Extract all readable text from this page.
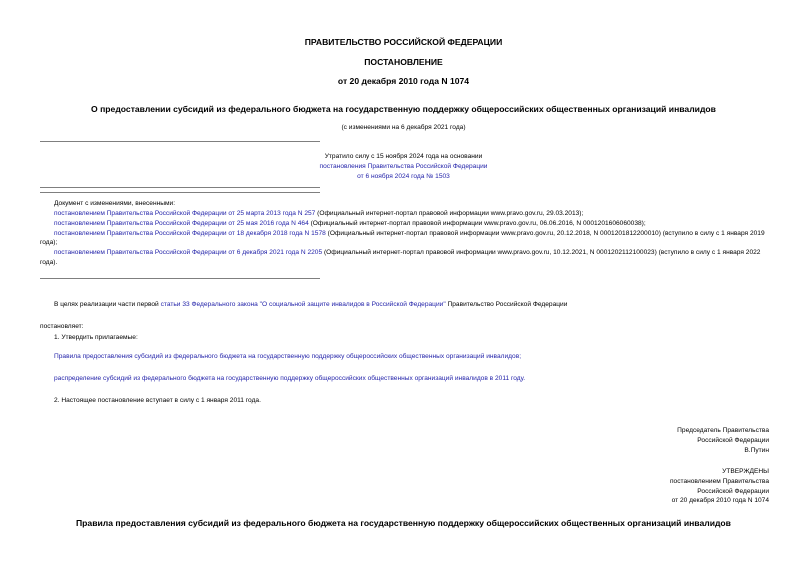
ПРАВИТЕЛЬСТВО РОССИЙСКОЙ ФЕДЕРАЦИИ
ПОСТАНОВЛЕНИЕ
от 20 декабря 2010 года N 1074
О предоставлении субсидий из федерального бюджета на государственную поддержку общероссийских общественных организаций инвалидов
(с изменениями на 6 декабря 2021 года)
Утратило силу с 15 ноября 2024 года на основании
постановления Правительства Российской Федерации
от 6 ноября 2024 года № 1503
Документ с изменениями, внесенными:
постановлением Правительства Российской Федерации от 25 марта 2013 года N 257 (Официальный интернет-портал правовой информации www.pravo.gov.ru, 29.03.2013);
постановлением Правительства Российской Федерации от 25 мая 2016 года N 464 (Официальный интернет-портал правовой информации www.pravo.gov.ru, 06.06.2016, N 0001201606060038);
постановлением Правительства Российской Федерации от 18 декабря 2018 года N 1578 (Официальный интернет-портал правовой информации www.pravo.gov.ru, 20.12.2018, N 0001201812200010) (вступило в силу с 1 января 2019 года);
постановлением Правительства Российской Федерации от 6 декабря 2021 года N 2205 (Официальный интернет-портал правовой информации www.pravo.gov.ru, 10.12.2021, N 0001202112100023) (вступило в силу с 1 января 2022 года).
В целях реализации части первой статьи 33 Федерального закона "О социальной защите инвалидов в Российской Федерации" Правительство Российской Федерации
постановляет:
1. Утвердить прилагаемые:
Правила предоставления субсидий из федерального бюджета на государственную поддержку общероссийских общественных организаций инвалидов;
распределение субсидий из федерального бюджета на государственную поддержку общероссийских общественных организаций инвалидов в 2011 году.
2. Настоящее постановление вступает в силу с 1 января 2011 года.
Председатель Правительства
Российской Федерации
В.Путин
УТВЕРЖДЕНЫ
постановлением Правительства
Российской Федерации
от 20 декабря 2010 года N 1074
Правила предоставления субсидий из федерального бюджета на государственную поддержку общероссийских общественных организаций инвалидов
